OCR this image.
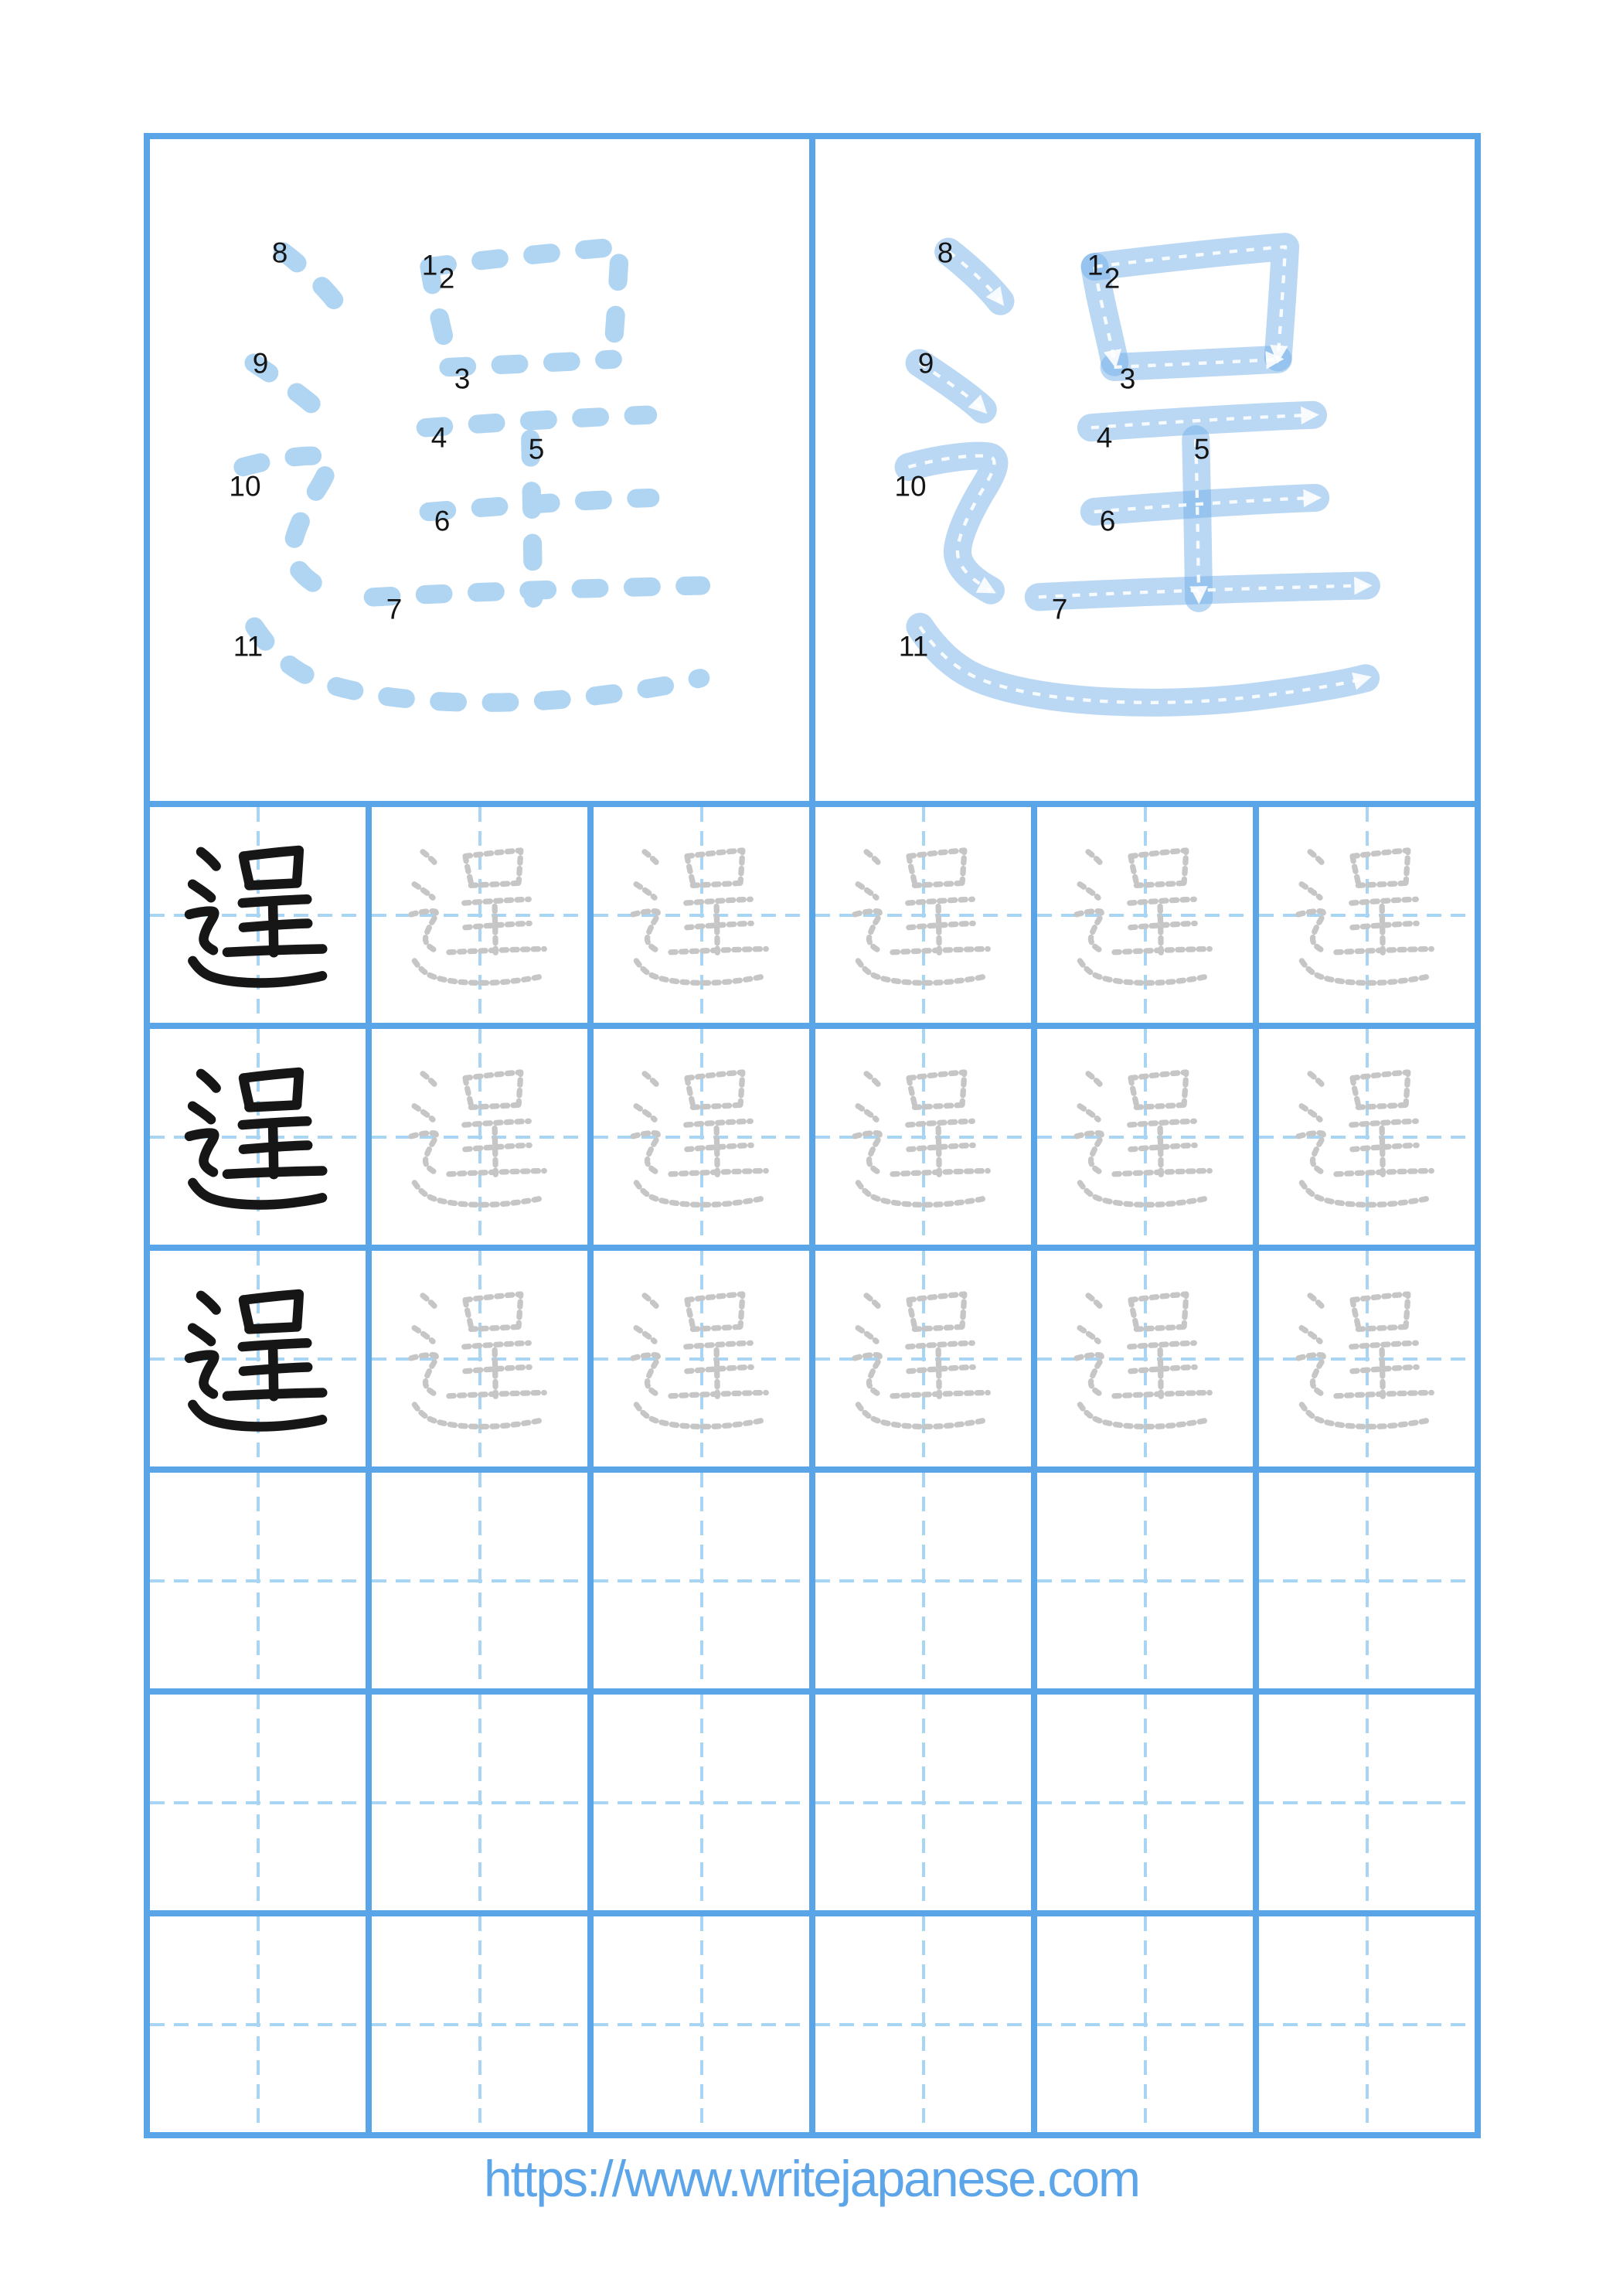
1 2
3
4	5
6
7
8
9
10
11
1 2
3
4	5
6
7
8
9
10
11
https://www.writejapanese.com
